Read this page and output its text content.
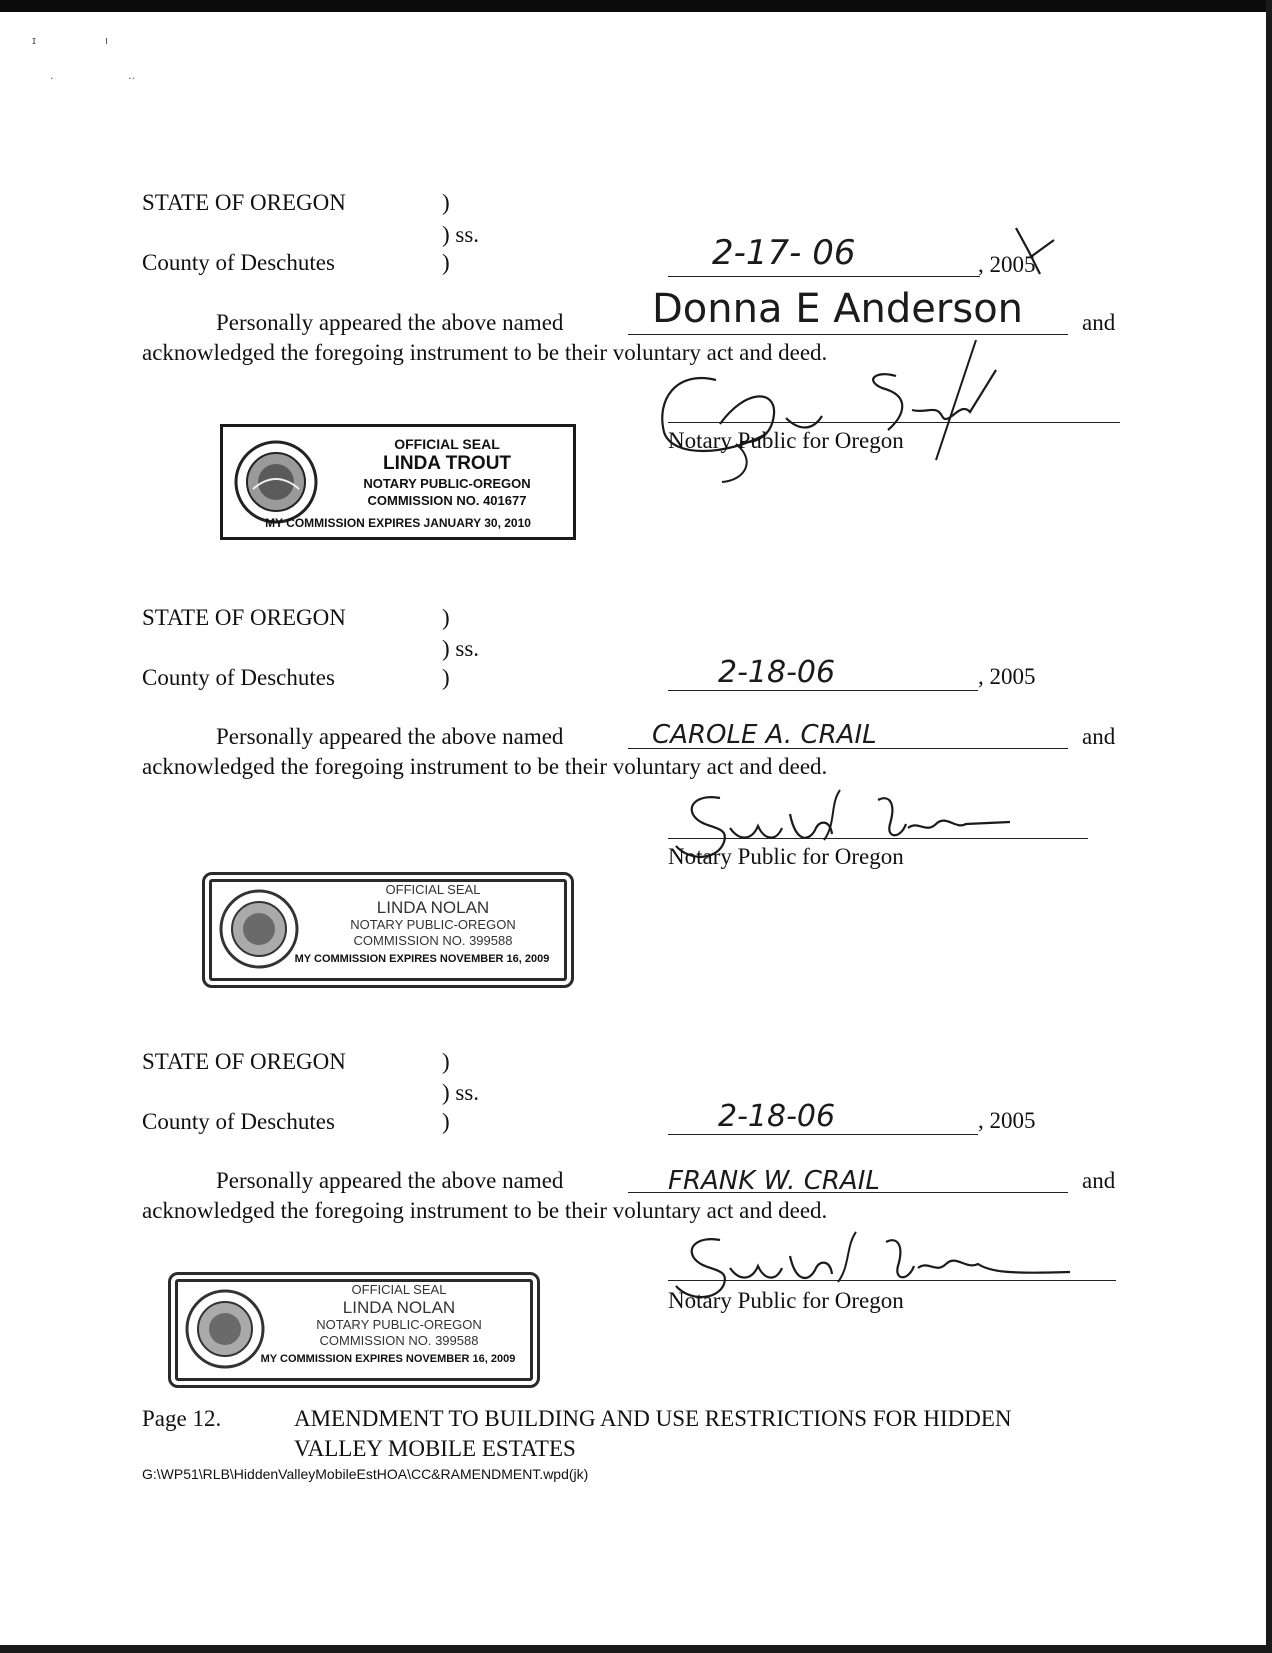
ɪ	ı
·	··
STATE OF OREGON	)
) ss.
County of Deschutes	)	2-17- 06	, 2005
Personally appeared the above named Donna E Anderson	and
acknowledged the foregoing instrument to be their voluntary act and deed.
Notary Public for Oregon
OFFICIAL SEAL
LINDA TROUT
NOTARY PUBLIC-OREGON
COMMISSION NO. 401677
MY COMMISSION EXPIRES JANUARY 30, 2010
STATE OF OREGON	)
) ss.
County of Deschutes	)	2-18-06	, 2005
Personally appeared the above named	CAROLE A. CRAIL	and
acknowledged the foregoing instrument to be their voluntary act and deed.
Notary Public for Oregon
OFFICIAL SEAL
LINDA NOLAN
NOTARY PUBLIC-OREGON
COMMISSION NO. 399588
MY COMMISSION EXPIRES NOVEMBER 16, 2009
STATE OF OREGON	)
) ss.
County of Deschutes	)	2-18-06	, 2005
Personally appeared the above named	FRANK W. CRAIL	and
acknowledged the foregoing instrument to be their voluntary act and deed.
Notary Public for Oregon
OFFICIAL SEAL
LINDA NOLAN
NOTARY PUBLIC-OREGON
COMMISSION NO. 399588
MY COMMISSION EXPIRES NOVEMBER 16, 2009
Page 12.	AMENDMENT TO BUILDING AND USE RESTRICTIONS FOR HIDDEN
VALLEY MOBILE ESTATES
G:\WP51\RLB\HiddenValleyMobileEstHOA\CC&RAMENDMENT.wpd(jk)
